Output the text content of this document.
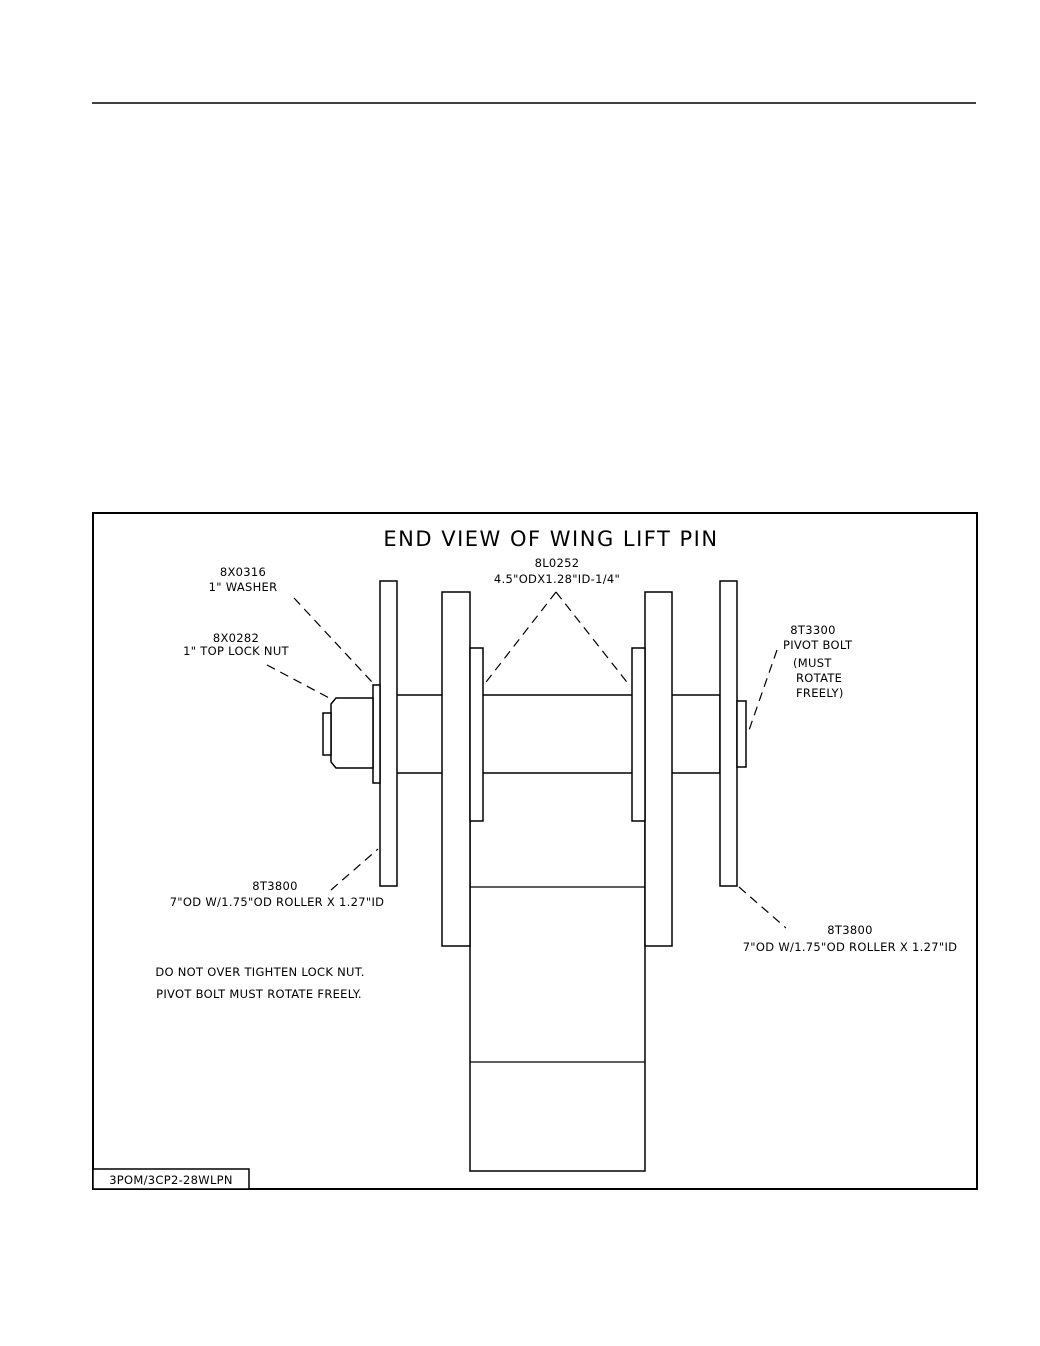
END VIEW OF WING LIFT PIN
8X0316
1" WASHER
8X0282
1" TOP LOCK NUT
8L0252
4.5"ODX1.28"ID-1/4"
8T3300
PIVOT BOLT
(MUST
ROTATE
FREELY)
8T3800
7"OD W/1.75"OD ROLLER X 1.27"ID
8T3800
7"OD W/1.75"OD ROLLER X 1.27"ID
DO NOT OVER TIGHTEN LOCK NUT.
PIVOT BOLT MUST ROTATE FREELY.
3POM/3CP2-28WLPN
